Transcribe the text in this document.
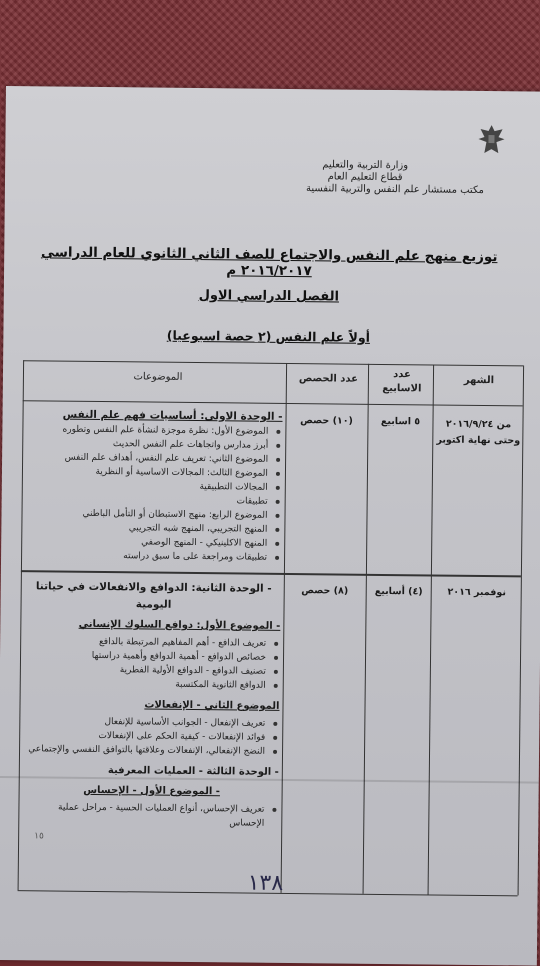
وزارة التربية والتعليم
قطاع التعليم العام
مكتب مستشار علم النفس والتربية النفسية
توزيع منهج علم النفس والاجتماع للصف الثاني الثانوي للعام الدراسي ٢٠١٦/٢٠١٧ م
الفصل الدراسي الاول
أولاً علم النفس (٢ حصة اسبوعيا)
الشهر
عدد الاسابيع
عدد الحصص
الموضوعات
من ٢٠١٦/٩/٢٤ وحتى نهاية اكتوبر
٥ اسابيع
(١٠) حصص
- الوحدة الاولى: أساسيات فهم علم النفس
الموضوع الأول: نظرة موجزة لنشأة علم النفس وتطوره
أبرز مدارس واتجاهات علم النفس الحديث
الموضوع الثاني: تعريف علم النفس، أهداف علم النفس
الموضوع الثالث: المجالات الاساسية أو النظرية
المجالات التطبيقية
تطبيقات
الموضوع الرابع: منهج الاستبطان أو التأمل الباطني
المنهج التجريبي، المنهج شبه التجريبي
المنهج الاكلينيكي - المنهج الوصفي
تطبيقات ومراجعة على ما سبق دراسته
نوفمبر ٢٠١٦
(٤) أسابيع
(٨) حصص
- الوحدة الثانية: الدوافع والانفعالات في حياتنا اليومية
- الموضوع الأول: دوافع السلوك الإنساني
تعريف الدافع - أهم المفاهيم المرتبطة بالدافع
خصائص الدوافع - أهمية الدوافع وأهمية دراستها
تصنيف الدوافع - الدوافع الأولية الفطرية
الدوافع الثانوية المكتسبة
الموضوع الثاني - الإنفعالات
تعريف الإنفعال - الجوانب الأساسية للإنفعال
فوائد الإنفعالات - كيفية الحكم على الإنفعالات
النضج الإنفعالي، الإنفعالات وعلاقتها بالتوافق النفسي والإجتماعي
- الوحدة الثالثة - العمليات المعرفية
- الموضوع الأول - الإحساس
تعريف الإحساس، أنواع العمليات الحسية - مراحل عملية الإحساس
١٥
١٣٨
